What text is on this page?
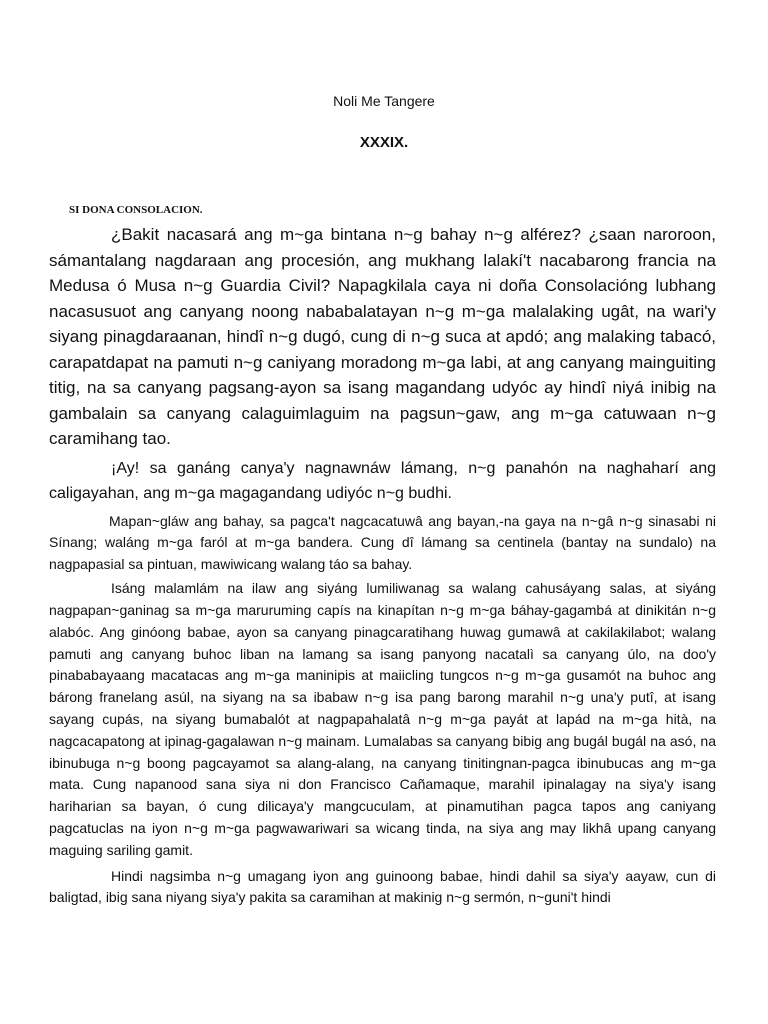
Noli Me Tangere
XXXIX.
SI DONA CONSOLACION.

¿Bakit nacasará ang m~ga bintana n~g bahay n~g alférez? ¿saan naroroon, sámantalang nagdaraan ang procesión, ang mukhang lalakí't nacabarong francia na Medusa ó Musa n~g Guardia Civil? Napagkilala caya ni doña Consolacióng lubhang nacasusuot ang canyang noong nababalatayan n~g m~ga malalaking ugât, na wari'y siyang pinagdaraanan, hindî n~g dugó, cung di n~g suca at apdó; ang malaking tabacó, carapatdapat na pamuti n~g caniyang moradong m~ga labi, at ang canyang mainguiting titig, na sa canyang pagsang-ayon sa isang magandang udyóc ay hindî niyá inibig na gambalain sa canyang calaguimlaguim na pagsun~gaw, ang m~ga catuwaan n~g caramihang tao.

¡Ay! sa ganáng canya'y nagnawnáw lámang, n~g panahón na naghaharí ang caligayahan, ang m~ga magagandang udiyóc n~g budhi.

Mapan~gláw ang bahay, sa pagca't nagcacatuwâ ang bayan,-na gaya na n~gâ n~g sinasabi ni Sínang; waláng m~ga faról at m~ga bandera. Cung dî lámang sa centinela (bantay na sundalo) na nagpapasial sa pintuan, mawiwicang walang táo sa bahay.

Isáng malamlám na ilaw ang siyáng lumiliwanag sa walang cahusáyang salas, at siyáng nagpapan~ganinag sa m~ga maruruming capís na kinapítan n~g m~ga báhay-gagambá at dinikitán n~g alabóc. Ang ginóong babae, ayon sa canyang pinagcaratihang huwag gumawâ at cakilakilabot; walang pamuti ang canyang buhoc liban na lamang sa isang panyong nacatalì sa canyang úlo, na doo'y pinababayaang macatacas ang m~ga maninipis at maiicling tungcos n~g m~ga gusamót na buhoc ang bárong franelang asúl, na siyang na sa ibabaw n~g isa pang barong marahil n~g una'y putî, at isang sayang cupás, na siyang bumabalót at nagpapahalatâ n~g m~ga payát at lapád na m~ga hità, na nagcacapatong at ipinag-gagalawan n~g mainam. Lumalabas sa canyang bibig ang bugál bugál na asó, na ibinubuga n~g boong pagcayamot sa alang-alang, na canyang tinitingnan-pagca ibinubucas ang m~ga mata. Cung napanood sana siya ni don Francisco Cañamaque, marahil ipinalagay na siya'y isang hariharian sa bayan, ó cung dilicaya'y mangcuculam, at pinamutihan pagca tapos ang caniyang pagcatuclas na iyon n~g m~ga pagwawariwari sa wicang tinda, na siya ang may likhâ upang canyang maguing sariling gamit.

Hindi nagsimba n~g umagang iyon ang guinoong babae, hindi dahil sa siya'y aayaw, cun di baligtad, ibig sana niyang siya'y pakita sa caramihan at makinig n~g sermón, n~guni't hindi
